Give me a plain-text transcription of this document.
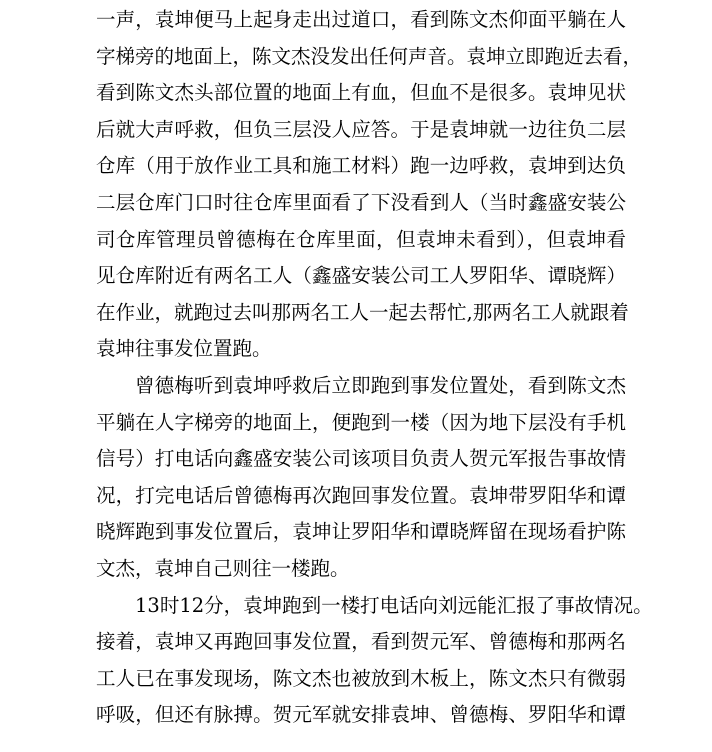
一声，袁坤便马上起身走出过道口，看到陈文杰仰面平躺在人
字梯旁的地面上，陈文杰没发出任何声音。袁坤立即跑近去看，
看到陈文杰头部位置的地面上有血，但血不是很多。袁坤见状
后就大声呼救，但负三层没人应答。于是袁坤就一边往负二层
仓库（用于放作业工具和施工材料）跑一边呼救，袁坤到达负
二层仓库门口时往仓库里面看了下没看到人（当时鑫盛安装公
司仓库管理员曾德梅在仓库里面，但袁坤未看到），但袁坤看
见仓库附近有两名工人（鑫盛安装公司工人罗阳华、谭晓辉）
在作业，就跑过去叫那两名工人一起去帮忙,那两名工人就跟着
袁坤往事发位置跑。
曾德梅听到袁坤呼救后立即跑到事发位置处，看到陈文杰
平躺在人字梯旁的地面上，便跑到一楼（因为地下层没有手机
信号）打电话向鑫盛安装公司该项目负责人贺元军报告事故情
况，打完电话后曾德梅再次跑回事发位置。袁坤带罗阳华和谭
晓辉跑到事发位置后，袁坤让罗阳华和谭晓辉留在现场看护陈
文杰，袁坤自己则往一楼跑。
13时12分，袁坤跑到一楼打电话向刘远能汇报了事故情况。
接着，袁坤又再跑回事发位置，看到贺元军、曾德梅和那两名
工人已在事发现场，陈文杰也被放到木板上，陈文杰只有微弱
呼吸，但还有脉搏。贺元军就安排袁坤、曾德梅、罗阳华和谭
